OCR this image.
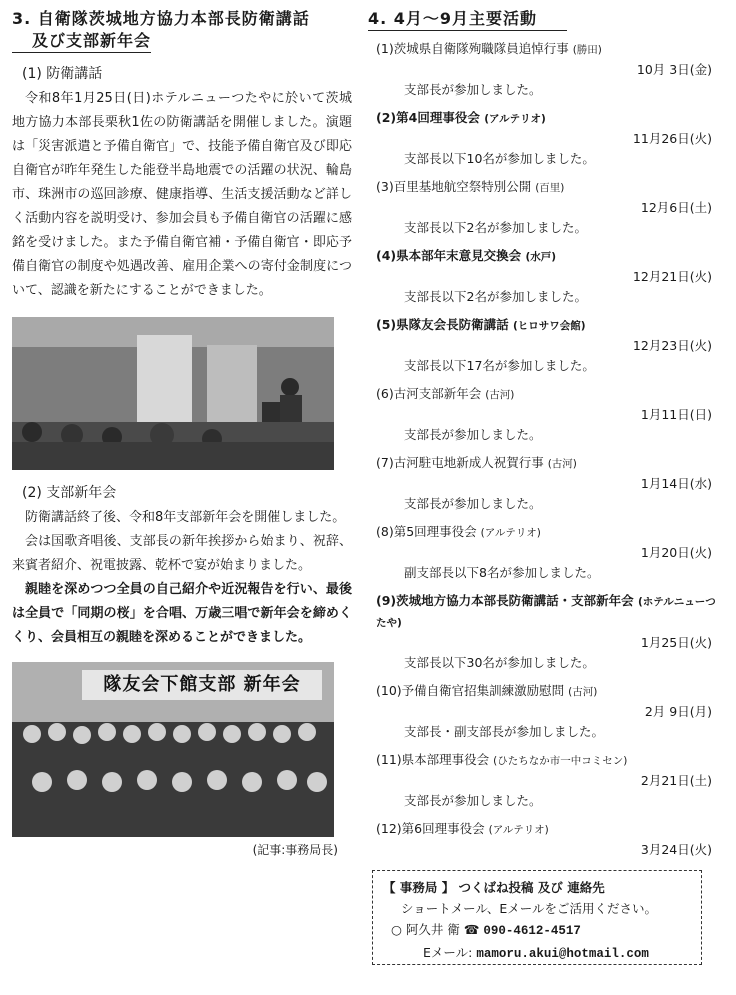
3. 自衛隊茨城地方協力本部長防衛講話
及び支部新年会
(1) 防衛講話

令和8年1月25日(日)ホテルニューつたやに於いて茨城地方協力本部長栗秋1佐の防衛講話を開催しました。演題は「災害派遣と予備自衛官」で、技能予備自衛官及び即応自衛官が昨年発生した能登半島地震での活躍の状況、輪島市、珠洲市の巡回診療、健康指導、生活支援活動など詳しく活動内容を説明受け、参加会員も予備自衛官の活躍に感銘を受けました。また予備自衛官補・予備自衛官・即応予備自衛官の制度や処遇改善、雇用企業への寄付金制度について、認識を新たにすることができました。

(2) 支部新年会

防衛講話終了後、令和8年支部新年会を開催しました。

会は国歌斉唱後、支部長の新年挨拶から始まり、祝辞、来賓者紹介、祝電披露、乾杯で宴が始まりました。

親睦を深めつつ全員の自己紹介や近況報告を行い、最後は全員で「同期の桜」を合唱、万歳三唱で新年会を締めくくり、会員相互の親睦を深めることができました。

隊友会下館支部 新年会
(記事:事務局長)
4. 4月〜9月主要活動
(1)茨城県自衛隊殉職隊員追悼行事 (勝田)
10月 3日(金)
支部長が参加しました。
(2)第4回理事役会 (アルテリオ)
11月26日(火)
支部長以下10名が参加しました。
(3)百里基地航空祭特別公開 (百里)
12月6日(土)
支部長以下2名が参加しました。
(4)県本部年末意見交換会 (水戸)
12月21日(火)
支部長以下2名が参加しました。
(5)県隊友会長防衛講話 (ヒロサワ会館)
12月23日(火)
支部長以下17名が参加しました。
(6)古河支部新年会 (古河)
1月11日(日)
支部長が参加しました。
(7)古河駐屯地新成人祝賀行事 (古河)
1月14日(水)
支部長が参加しました。
(8)第5回理事役会 (アルテリオ)
1月20日(火)
副支部長以下8名が参加しました。
(9)茨城地方協力本部長防衛講話・支部新年会 (ホテルニューつたや)
1月25日(火)
支部長以下30名が参加しました。
(10)予備自衛官招集訓練激励慰問 (古河)
2月 9日(月)
支部長・副支部長が参加しました。
(11)県本部理事役会 (ひたちなか市一中コミセン)
2月21日(土)
支部長が参加しました。
(12)第6回理事役会 (アルテリオ)
3月24日(火)
【 事務局 】 つくばね投稿 及び 連絡先
ショートメール、Eメールをご活用ください。
○ 阿久井 衛 ☎ 090-4612-4517
Eメール: mamoru.akui@hotmail.com
